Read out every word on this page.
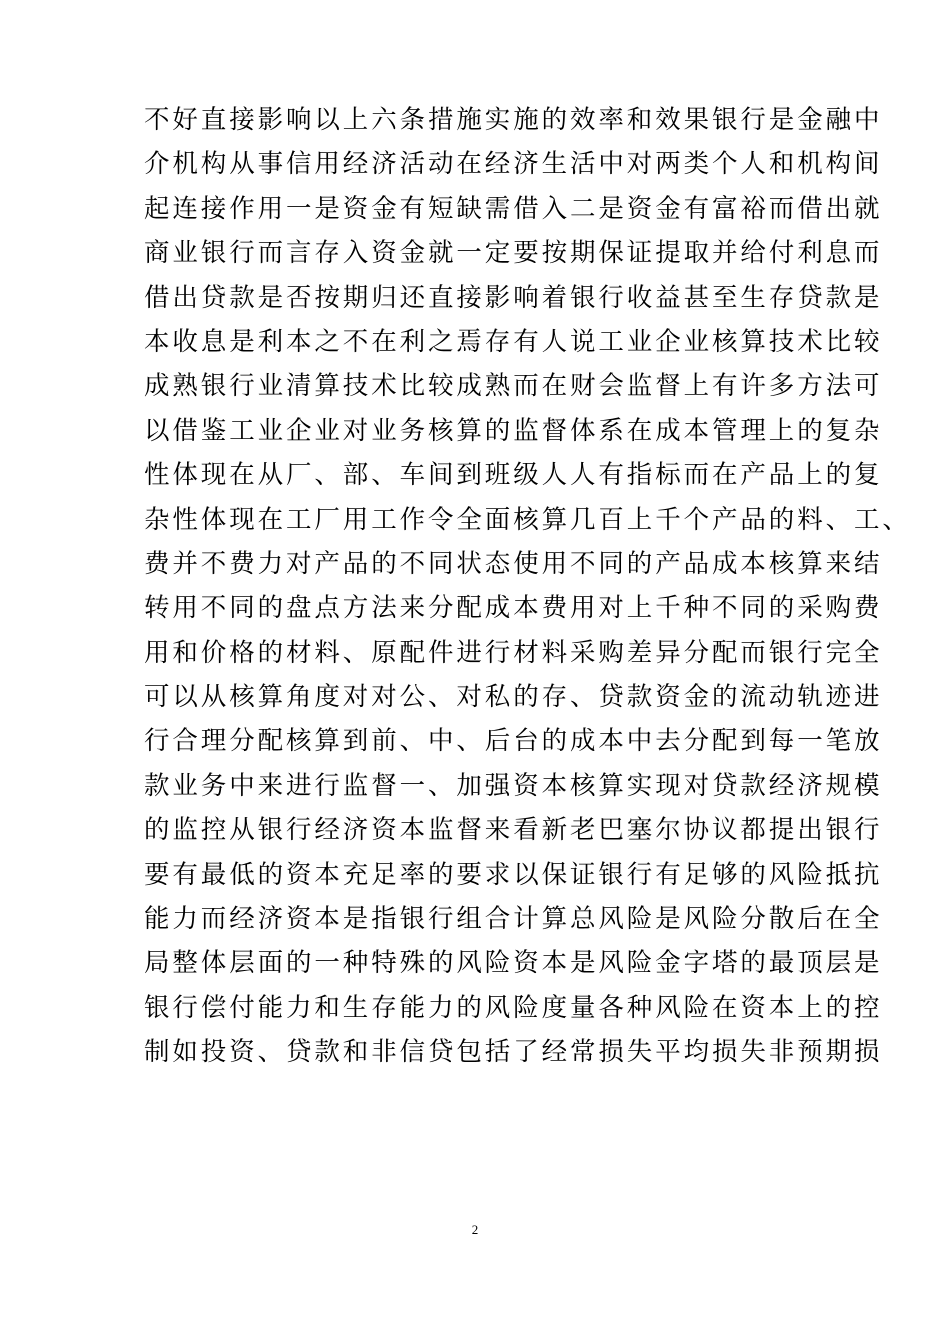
不好直接影响以上六条措施实施的效率和效果银行是金融中
介机构从事信用经济活动在经济生活中对两类个人和机构间
起连接作用一是资金有短缺需借入二是资金有富裕而借出就
商业银行而言存入资金就一定要按期保证提取并给付利息而
借出贷款是否按期归还直接影响着银行收益甚至生存贷款是
本收息是利本之不在利之焉存有人说工业企业核算技术比较
成熟银行业清算技术比较成熟而在财会监督上有许多方法可
以借鉴工业企业对业务核算的监督体系在成本管理上的复杂
性体现在从厂、部、车间到班级人人有指标而在产品上的复
杂性体现在工厂用工作令全面核算几百上千个产品的料、工、
费并不费力对产品的不同状态使用不同的产品成本核算来结
转用不同的盘点方法来分配成本费用对上千种不同的采购费
用和价格的材料、原配件进行材料采购差异分配而银行完全
可以从核算角度对对公、对私的存、贷款资金的流动轨迹进
行合理分配核算到前、中、后台的成本中去分配到每一笔放
款业务中来进行监督一、加强资本核算实现对贷款经济规模
的监控从银行经济资本监督来看新老巴塞尔协议都提出银行
要有最低的资本充足率的要求以保证银行有足够的风险抵抗
能力而经济资本是指银行组合计算总风险是风险分散后在全
局整体层面的一种特殊的风险资本是风险金字塔的最顶层是
银行偿付能力和生存能力的风险度量各种风险在资本上的控
制如投资、贷款和非信贷包括了经常损失平均损失非预期损
2
